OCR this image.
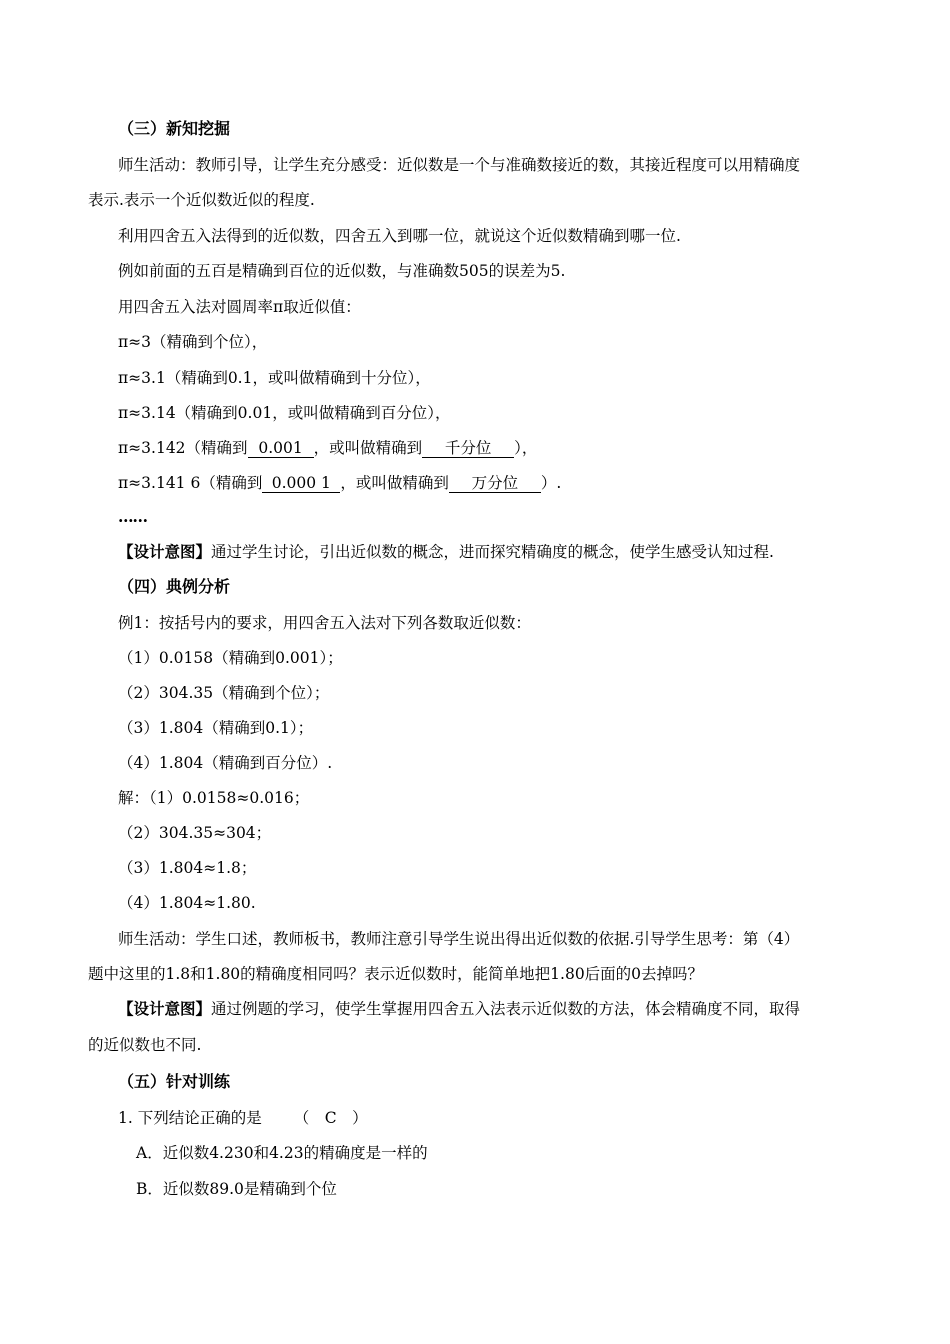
（三）新知挖掘
师生活动：教师引导，让学生充分感受：近似数是一个与准确数接近的数，其接近程度可以用精确度
表示.表示一个近似数近似的程度.
利用四舍五入法得到的近似数，四舍五入到哪一位，就说这个近似数精确到哪一位.
例如前面的五百是精确到百位的近似数，与准确数505的误差为5.
用四舍五入法对圆周率π取近似值：
π≈3（精确到个位），
π≈3.1（精确到0.1，或叫做精确到十分位），
π≈3.14（精确到0.01，或叫做精确到百分位），
π≈3.142（精确到 0.001 ，或叫做精确到 千分位 ），
π≈3.141 6（精确到 0.000 1 ，或叫做精确到 万分位 ）.
……
【设计意图】通过学生讨论，引出近似数的概念，进而探究精确度的概念，使学生感受认知过程.
（四）典例分析
例1：按括号内的要求，用四舍五入法对下列各数取近似数：
（1）0.0158（精确到0.001）；
（2）304.35（精确到个位）；
（3）1.804（精确到0.1）；
（4）1.804（精确到百分位）.
解：（1）0.0158≈0.016；
（2）304.35≈304；
（3）1.804≈1.8；
（4）1.804≈1.80.
师生活动：学生口述，教师板书，教师注意引导学生说出得出近似数的依据.引导学生思考：第（4）
题中这里的1.8和1.80的精确度相同吗？表示近似数时，能简单地把1.80后面的0去掉吗？
【设计意图】通过例题的学习，使学生掌握用四舍五入法表示近似数的方法，体会精确度不同，取得
的近似数也不同.
（五）针对训练
1. 下列结论正确的是 （　C　）
A．近似数4.230和4.23的精确度是一样的
B．近似数89.0是精确到个位
